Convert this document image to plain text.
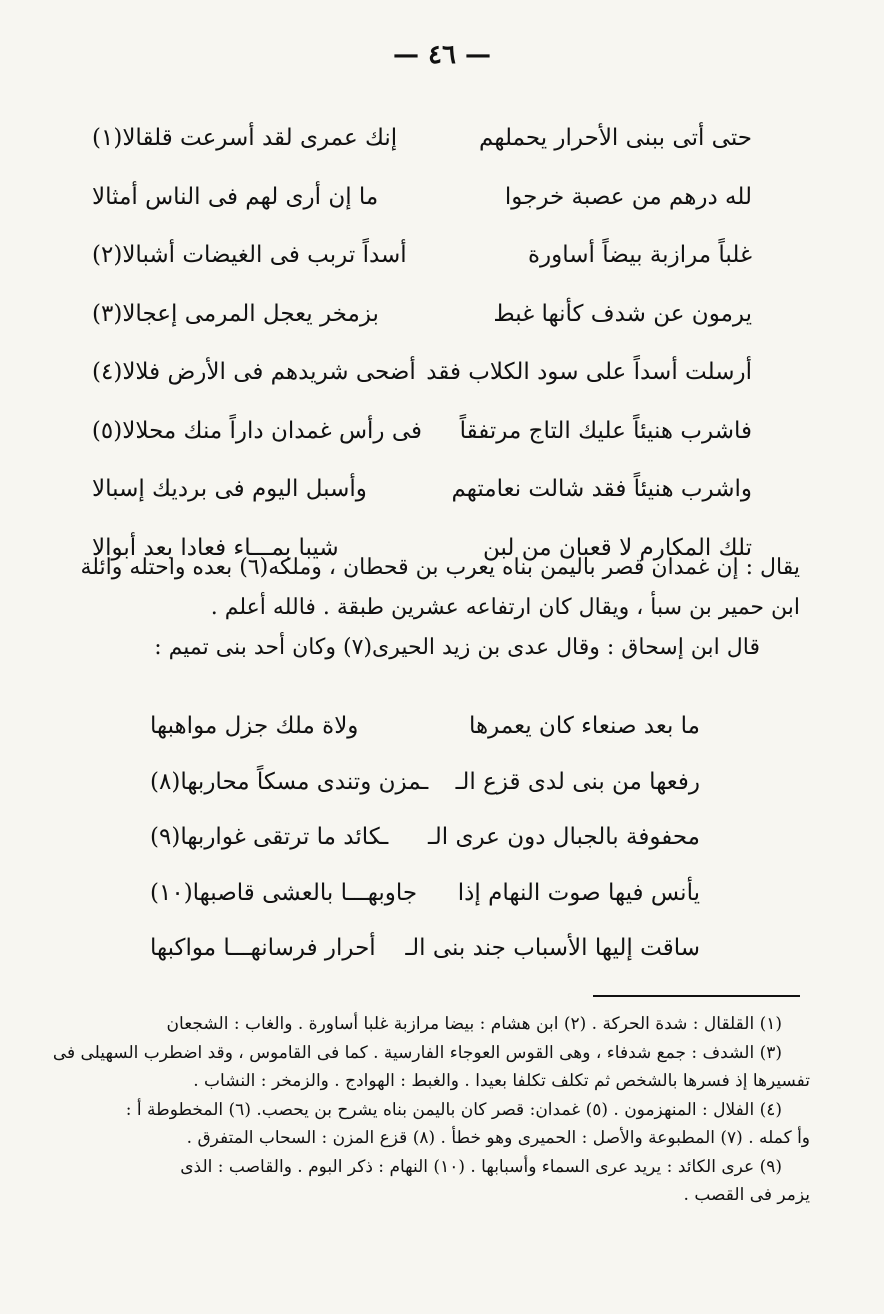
— ٤٦ —
حتى أتى ببنى الأحرار يحملهم
إنك عمرى لقد أسرعت قلقالا(١)
لله درهم من عصبة خرجوا
ما إن أرى لهم فى الناس أمثالا
غلباً مرازبة بيضاً أساورة
أسداً تربب فى الغيضات أشبالا(٢)
يرمون عن شدف كأنها غبط
بزمخر يعجل المرمى إعجالا(٣)
أرسلت أسداً على سود الكلاب فقد
أضحى شريدهم فى الأرض فلالا(٤)
فاشرب هنيئاً عليك التاج مرتفقاً
فى رأس غمدان داراً منك محلالا(٥)
واشرب هنيئاً فقد شالت نعامتهم
وأسبل اليوم فى برديك إسبالا
تلك المكارم لا قعبان من لبن
شيبا بمـــاء فعادا بعد أبوالا
يقال : إن غمدان قصر باليمن بناه يعرب بن قحطان ، وملكه(٦) بعده واحتله وائلة
ابن حمير بن سبأ ، ويقال كان ارتفاعه عشرين طبقة . فالله أعلم .
قال ابن إسحاق : وقال عدى بن زيد الحيرى(٧) وكان أحد بنى تميم :
ما بعد صنعاء كان يعمرها
ولاة ملك جزل مواهبها
رفعها من بنى لدى قزع الـ
ـمزن وتندى مسكاً محاربها(٨)
محفوفة بالجبال دون عرى الـ
ـكائد ما ترتقى غواربها(٩)
يأنس فيها صوت النهام إذا
جاوبهـــا بالعشى قاصبها(١٠)
ساقت إليها الأسباب جند بنى الـ
أحرار فرسانهـــا مواكبها
(١) القلقال : شدة الحركة . (٢) ابن هشام : بيضا مرازبة غلبا أساورة . والغاب : الشجعان
(٣) الشدف : جمع شدفاء ، وهى القوس العوجاء الفارسية . كما فى القاموس ، وقد اضطرب السهيلى فى
تفسيرها إذ فسرها بالشخص ثم تكلف تكلفا بعيدا . والغبط : الهوادج . والزمخر : النشاب .
(٤) الفلال : المنهزمون . (٥) غمدان: قصر كان باليمن بناه يشرح بن يحصب. (٦) المخطوطة أ :
وأ كمله . (٧) المطبوعة والأصل : الحميرى وهو خطأ . (٨) قزع المزن : السحاب المتفرق .
(٩) عرى الكائد : يريد عرى السماء وأسبابها . (١٠) النهام : ذكر البوم . والقاصب : الذى
يزمر فى القصب .
